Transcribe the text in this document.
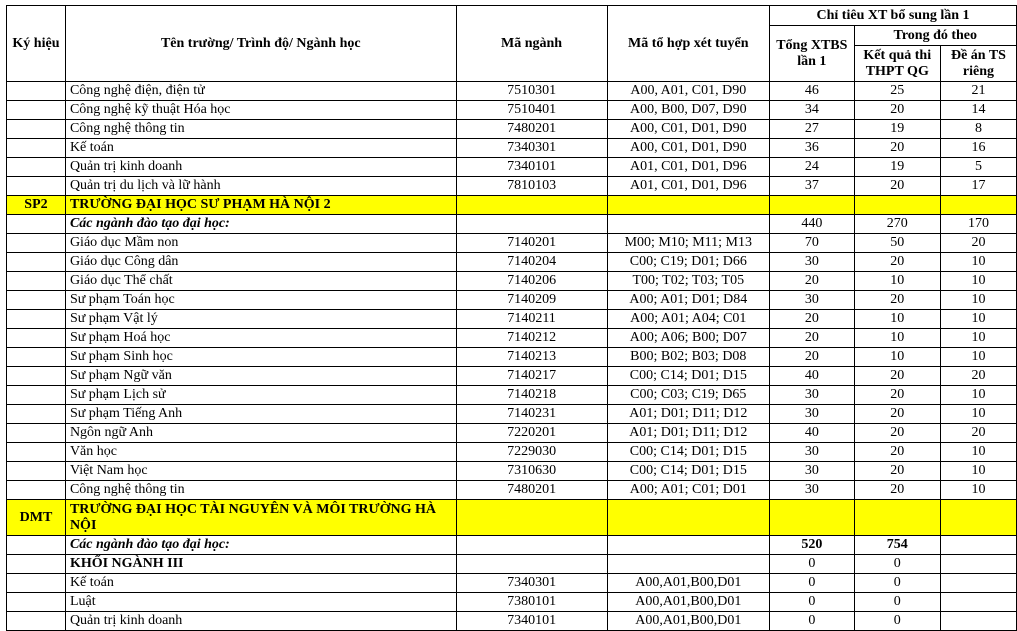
Ký hiệu	Tên trường/ Trình độ/ Ngành học	Mã ngành	Mã tổ hợp xét tuyển	Chỉ tiêu XT bổ sung lần 1		
				Tổng XTBS lần 1	Trong đó theo	
					Kết quả thi THPT QG	Đề án TS riêng
	Công nghệ điện, điện tử	7510301	A00, A01, C01, D90	46	25	21
	Công nghệ kỹ thuật Hóa học	7510401	A00, B00, D07, D90	34	20	14
	Công nghệ thông tin	7480201	A00, C01, D01, D90	27	19	8
	Kế toán	7340301	A00, C01, D01, D90	36	20	16
	Quản trị kinh doanh	7340101	A01, C01, D01, D96	24	19	5
	Quản trị du lịch và lữ hành	7810103	A01, C01, D01, D96	37	20	17
SP2	TRƯỜNG ĐẠI HỌC SƯ PHẠM HÀ NỘI 2					
	Các ngành đào tạo đại học:			440	270	170
	Giáo dục Mầm non	7140201	M00; M10; M11; M13	70	50	20
	Giáo dục Công dân	7140204	C00; C19; D01; D66	30	20	10
	Giáo dục Thể chất	7140206	T00; T02; T03; T05	20	10	10
	Sư phạm Toán học	7140209	A00; A01; D01; D84	30	20	10
	Sư phạm Vật lý	7140211	A00; A01; A04; C01	20	10	10
	Sư phạm Hoá học	7140212	A00; A06; B00; D07	20	10	10
	Sư phạm Sinh học	7140213	B00; B02; B03; D08	20	10	10
	Sư phạm Ngữ văn	7140217	C00; C14; D01; D15	40	20	20
	Sư phạm Lịch sử	7140218	C00; C03; C19; D65	30	20	10
	Sư phạm Tiếng Anh	7140231	A01; D01; D11; D12	30	20	10
	Ngôn ngữ Anh	7220201	A01; D01; D11; D12	40	20	20
	Văn học	7229030	C00; C14; D01; D15	30	20	10
	Việt Nam học	7310630	C00; C14; D01; D15	30	20	10
	Công nghệ thông tin	7480201	A00; A01; C01; D01	30	20	10
DMT	TRƯỜNG ĐẠI HỌC TÀI NGUYÊN VÀ MÔI TRƯỜNG HÀ NỘI					
	Các ngành đào tạo đại học:			520	754	
	KHỐI NGÀNH III			0	0	
	Kế toán	7340301	A00,A01,B00,D01	0	0	
	Luật	7380101	A00,A01,B00,D01	0	0	
	Quản trị kinh doanh	7340101	A00,A01,B00,D01	0	0	
